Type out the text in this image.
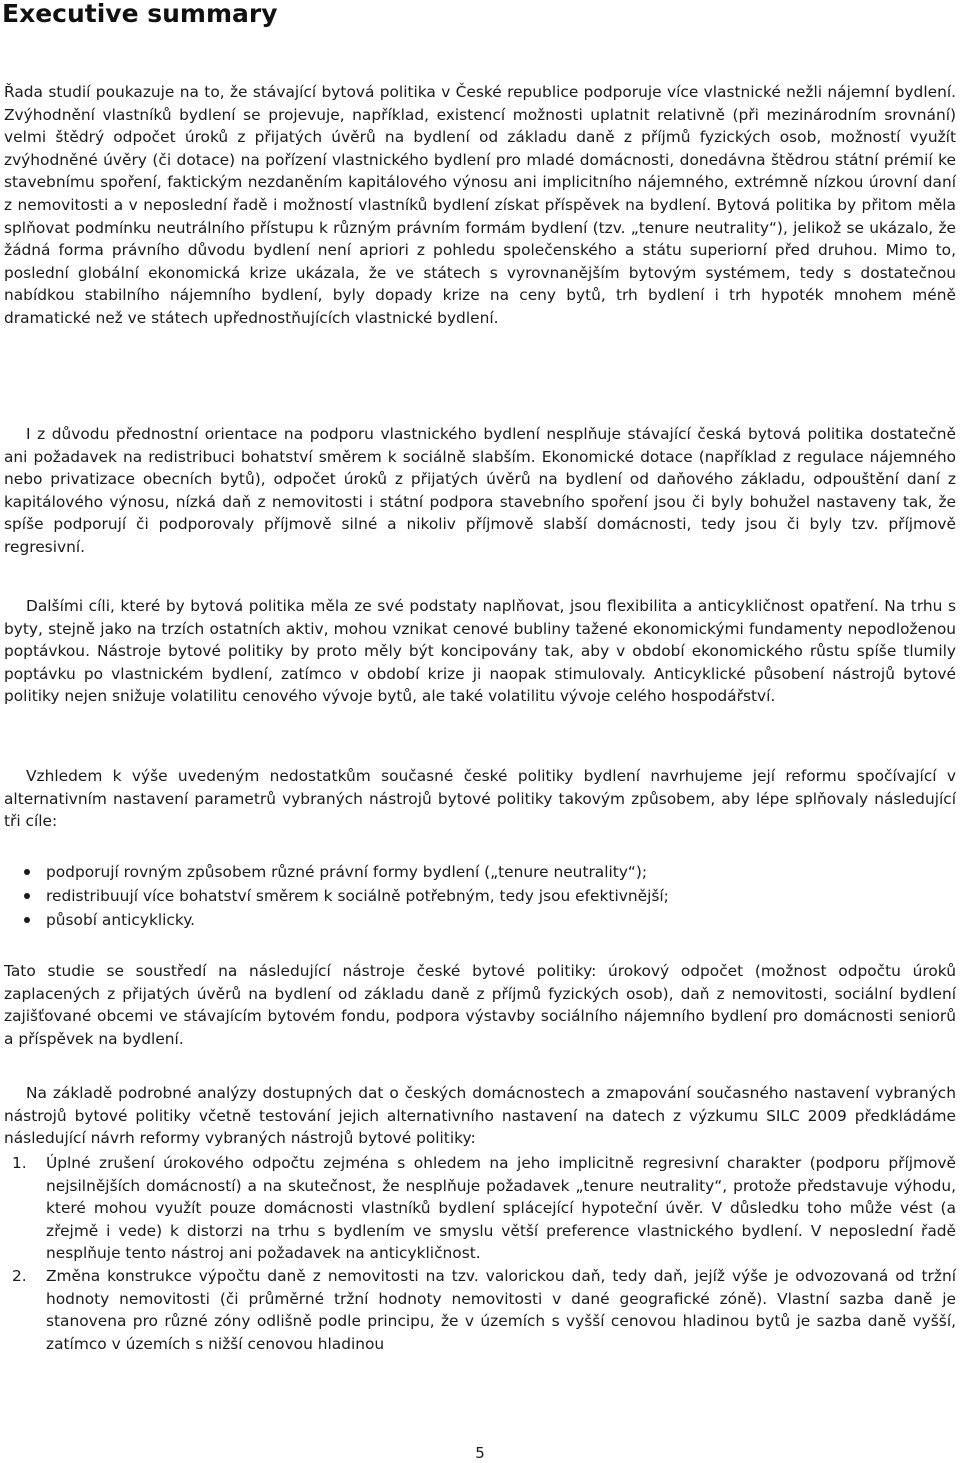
Executive summary

Řada studií poukazuje na to, že stávající bytová politika v České republice podporuje více vlastnické nežli nájemní bydlení. Zvýhodnění vlastníků bydlení se projevuje, například, existencí možnosti uplatnit relativně (při mezinárodním srovnání) velmi štědrý odpočet úroků z přijatých úvěrů na bydlení od základu daně z příjmů fyzických osob, možností využít zvýhodněné úvěry (či dotace) na pořízení vlastnického bydlení pro mladé domácnosti, donedávna štědrou státní prémií ke stavebnímu spoření, faktickým nezdaněním kapitálového výnosu ani implicitního nájemného, extrémně nízkou úrovní daní z nemovitosti a v neposlední řadě i možností vlastníků bydlení získat příspěvek na bydlení. Bytová politika by přitom měla splňovat podmínku neutrálního přístupu k různým právním formám bydlení (tzv. „tenure neutrality“), jelikož se ukázalo, že žádná forma právního důvodu bydlení není apriori z pohledu společenského a státu superiorní před druhou. Mimo to, poslední globální ekonomická krize ukázala, že ve státech s vyrovnanějším bytovým systémem, tedy s dostatečnou nabídkou stabilního nájemního bydlení, byly dopady krize na ceny bytů, trh bydlení i trh hypoték mnohem méně dramatické než ve státech upřednostňujících vlastnické bydlení.

I z důvodu přednostní orientace na podporu vlastnického bydlení nesplňuje stávající česká bytová politika dostatečně ani požadavek na redistribuci bohatství směrem k sociálně slabším. Ekonomické dotace (například z regulace nájemného nebo privatizace obecních bytů), odpočet úroků z přijatých úvěrů na bydlení od daňového základu, odpouštění daní z kapitálového výnosu, nízká daň z nemovitosti i státní podpora stavebního spoření jsou či byly bohužel nastaveny tak, že spíše podporují či podporovaly příjmově silné a nikoliv příjmově slabší domácnosti, tedy jsou či byly tzv. příjmově regresivní.

Dalšími cíli, které by bytová politika měla ze své podstaty naplňovat, jsou flexibilita a anticykličnost opatření. Na trhu s byty, stejně jako na trzích ostatních aktiv, mohou vznikat cenové bubliny tažené ekonomickými fundamenty nepodloženou poptávkou. Nástroje bytové politiky by proto měly být koncipovány tak, aby v období ekonomického růstu spíše tlumily poptávku po vlastnickém bydlení, zatímco v období krize ji naopak stimulovaly. Anticyklické působení nástrojů bytové politiky nejen snižuje volatilitu cenového vývoje bytů, ale také volatilitu vývoje celého hospodářství.

Vzhledem k výše uvedeným nedostatkům současné české politiky bydlení navrhujeme její reformu spočívající v alternativním nastavení parametrů vybraných nástrojů bytové politiky takovým způsobem, aby lépe splňovaly následující tři cíle:

podporují rovným způsobem různé právní formy bydlení („tenure neutrality“);
redistribuují více bohatství směrem k sociálně potřebným, tedy jsou efektivnější;
působí anticyklicky.

Tato studie se soustředí na následující nástroje české bytové politiky: úrokový odpočet (možnost odpočtu úroků zaplacených z přijatých úvěrů na bydlení od základu daně z příjmů fyzických osob), daň z nemovitosti, sociální bydlení zajišťované obcemi ve stávajícím bytovém fondu, podpora výstavby sociálního nájemního bydlení pro domácnosti seniorů a příspěvek na bydlení.

Na základě podrobné analýzy dostupných dat o českých domácnostech a zmapování současného nastavení vybraných nástrojů bytové politiky včetně testování jejich alternativního nastavení na datech z výzkumu SILC 2009 předkládáme následující návrh reformy vybraných nástrojů bytové politiky:

1. Úplné zrušení úrokového odpočtu zejména s ohledem na jeho implicitně regresivní charakter (podporu příjmově nejsilnějších domácností) a na skutečnost, že nesplňuje požadavek „tenure neutrality“, protože představuje výhodu, které mohou využít pouze domácnosti vlastníků bydlení splácející hypoteční úvěr. V důsledku toho může vést (a zřejmě i vede) k distorzi na trhu s bydlením ve smyslu větší preference vlastnického bydlení. V neposlední řadě nesplňuje tento nástroj ani požadavek na anticykličnost.
2. Změna konstrukce výpočtu daně z nemovitosti na tzv. valorickou daň, tedy daň, jejíž výše je odvozovaná od tržní hodnoty nemovitosti (či průměrné tržní hodnoty nemovitosti v dané geografické zóně). Vlastní sazba daně je stanovena pro různé zóny odlišně podle principu, že v územích s vyšší cenovou hladinou bytů je sazba daně vyšší, zatímco v územích s nižší cenovou hladinou
5
